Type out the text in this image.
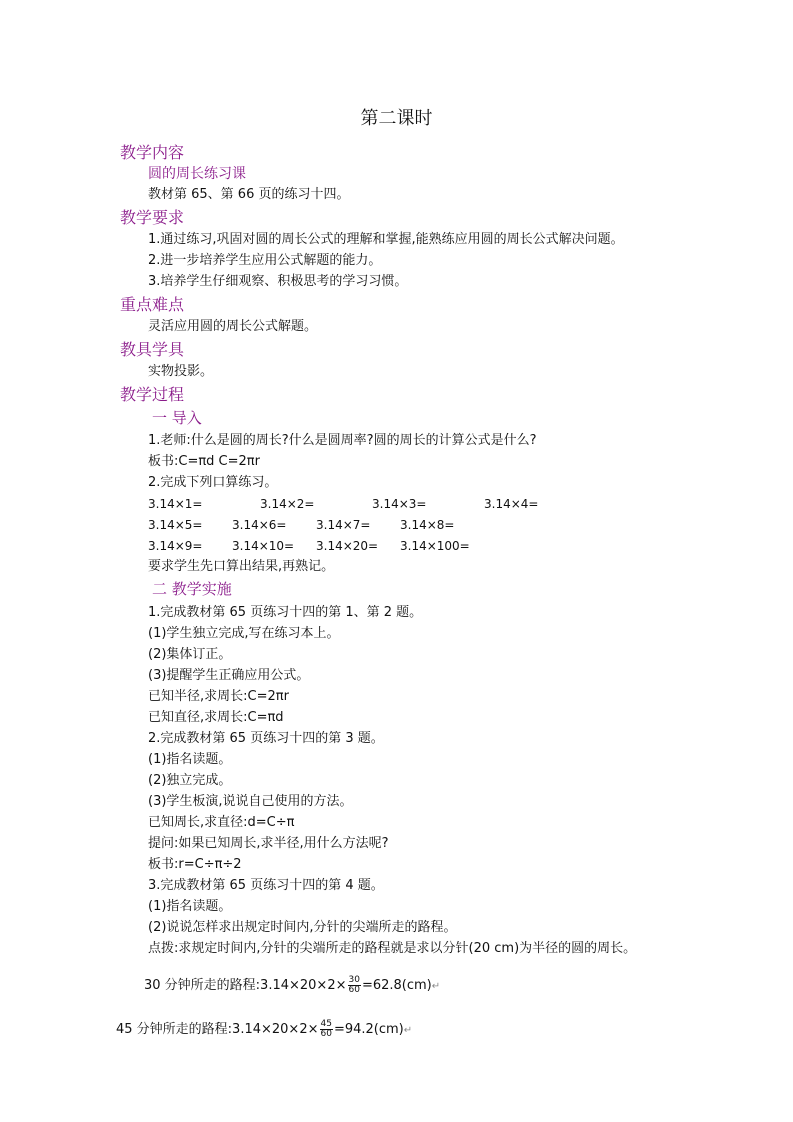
第二课时
教学内容
圆的周长练习课
教材第 65、第 66 页的练习十四。
教学要求
1.通过练习,巩固对圆的周长公式的理解和掌握,能熟练应用圆的周长公式解决问题。
2.进一步培养学生应用公式解题的能力。
3.培养学生仔细观察、积极思考的学习习惯。
重点难点
灵活应用圆的周长公式解题。
教具学具
实物投影。
教学过程
一 导入
1.老师:什么是圆的周长?什么是圆周率?圆的周长的计算公式是什么?
板书:C=πd C=2πr
2.完成下列口算练习。
3.14×1=	3.14×2=	3.14×3=	3.14×4=
3.14×5= 3.14×6= 3.14×7= 3.14×8=
3.14×9= 3.14×10= 3.14×20= 3.14×100=
要求学生先口算出结果,再熟记。
二 教学实施
1.完成教材第 65 页练习十四的第 1、第 2 题。
(1)学生独立完成,写在练习本上。
(2)集体订正。
(3)提醒学生正确应用公式。
已知半径,求周长:C=2πr
已知直径,求周长:C=πd
2.完成教材第 65 页练习十四的第 3 题。
(1)指名读题。
(2)独立完成。
(3)学生板演,说说自己使用的方法。
已知周长,求直径:d=C÷π
提问:如果已知周长,求半径,用什么方法呢?
板书:r=C÷π÷2
3.完成教材第 65 页练习十四的第 4 题。
(1)指名读题。
(2)说说怎样求出规定时间内,分针的尖端所走的路程。
点拨:求规定时间内,分针的尖端所走的路程就是求以分针(20 cm)为半径的圆的周长。
30 分钟所走的路程:3.14×20×2× $\frac{30}{60}$ =62.8(cm)↵
45 分钟所走的路程:3.14×20×2× $\frac{45}{60}$ =94.2(cm)↵
